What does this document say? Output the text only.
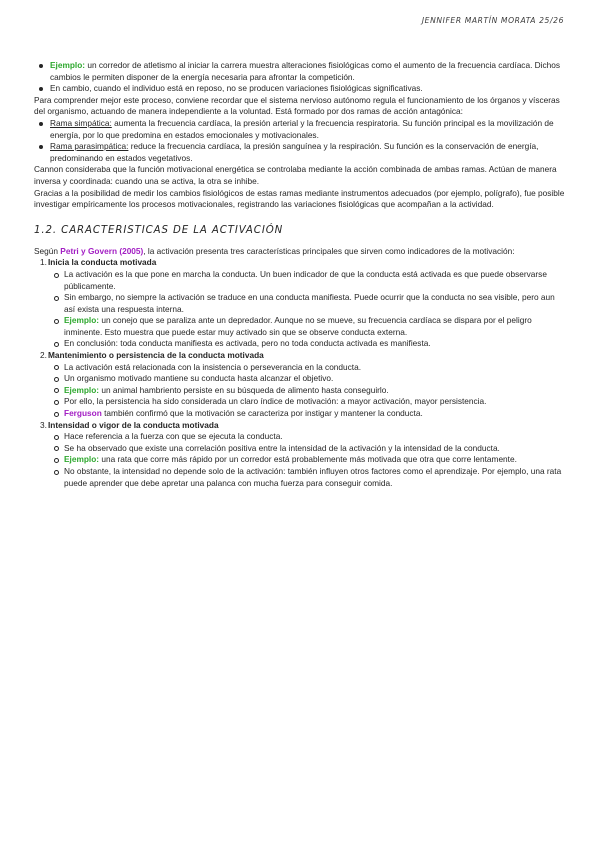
JENNIFER MARTÍN MORATA 25/26
Ejemplo: un corredor de atletismo al iniciar la carrera muestra alteraciones fisiológicas como el aumento de la frecuencia cardíaca. Dichos cambios le permiten disponer de la energía necesaria para afrontar la competición.
En cambio, cuando el individuo está en reposo, no se producen variaciones fisiológicas significativas.

Para comprender mejor este proceso, conviene recordar que el sistema nervioso autónomo regula el funcionamiento de los órganos y vísceras del organismo, actuando de manera independiente a la voluntad. Está formado por dos ramas de acción antagónica:

Rama simpática: aumenta la frecuencia cardíaca, la presión arterial y la frecuencia respiratoria. Su función principal es la movilización de energía, por lo que predomina en estados emocionales y motivacionales.
Rama parasimpática: reduce la frecuencia cardíaca, la presión sanguínea y la respiración. Su función es la conservación de energía, predominando en estados vegetativos.

Cannon consideraba que la función motivacional energética se controlaba mediante la acción combinada de ambas ramas. Actúan de manera inversa y coordinada: cuando una se activa, la otra se inhibe.

Gracias a la posibilidad de medir los cambios fisiológicos de estas ramas mediante instrumentos adecuados (por ejemplo, polígrafo), fue posible investigar empíricamente los procesos motivacionales, registrando las variaciones fisiológicas que acompañan a la actividad.

1.2. CARACTERISTICAS DE LA ACTIVACIÓN

Según Petri y Govern (2005), la activación presenta tres características principales que sirven como indicadores de la motivación:

1. Inicia la conducta motivada
La activación es la que pone en marcha la conducta. Un buen indicador de que la conducta está activada es que puede observarse públicamente.
Sin embargo, no siempre la activación se traduce en una conducta manifiesta. Puede ocurrir que la conducta no sea visible, pero aun así exista una respuesta interna.
Ejemplo: un conejo que se paraliza ante un depredador. Aunque no se mueve, su frecuencia cardíaca se dispara por el peligro inminente. Esto muestra que puede estar muy activado sin que se observe conducta externa.
En conclusión: toda conducta manifiesta es activada, pero no toda conducta activada es manifiesta.
2. Mantenimiento o persistencia de la conducta motivada
La activación está relacionada con la insistencia o perseverancia en la conducta.
Un organismo motivado mantiene su conducta hasta alcanzar el objetivo.
Ejemplo: un animal hambriento persiste en su búsqueda de alimento hasta conseguirlo.
Por ello, la persistencia ha sido considerada un claro índice de motivación: a mayor activación, mayor persistencia.
Ferguson también confirmó que la motivación se caracteriza por instigar y mantener la conducta.
3. Intensidad o vigor de la conducta motivada
Hace referencia a la fuerza con que se ejecuta la conducta.
Se ha observado que existe una correlación positiva entre la intensidad de la activación y la intensidad de la conducta.
Ejemplo: una rata que corre más rápido por un corredor está probablemente más motivada que otra que corre lentamente.
No obstante, la intensidad no depende solo de la activación: también influyen otros factores como el aprendizaje. Por ejemplo, una rata puede aprender que debe apretar una palanca con mucha fuerza para conseguir comida.
